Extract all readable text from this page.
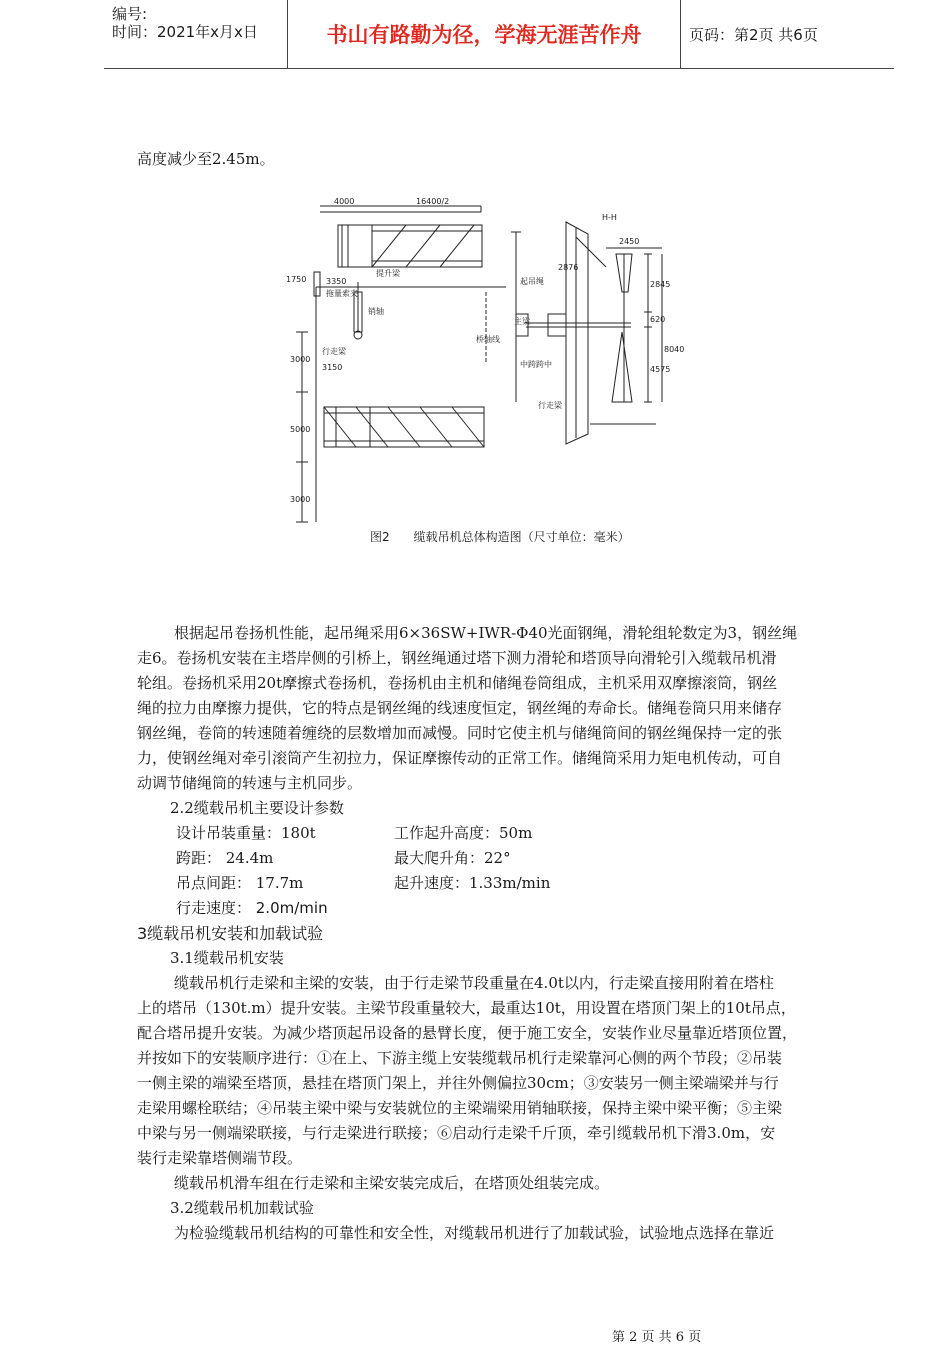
编号:
时间：2021年x月x日	书山有路勤为径，学海无涯苦作舟	页码：第2页 共6页
高度减少至2.45m。
4000	16400/2
1750 3350
3000
3150
5000
3000
2450
2876
2845
620
8040
4575
H-H
起吊绳
主梁
中跨跨中
行走梁
提升梁
拖量索夹
销轴
行走梁
桥轴线
图2 缆载吊机总体构造图（尺寸单位：毫米）
根据起吊卷扬机性能，起吊绳采用6×36SW+IWR-Φ40光面钢绳，滑轮组轮数定为3，钢丝绳
走6。卷扬机安装在主塔岸侧的引桥上，钢丝绳通过塔下测力滑轮和塔顶导向滑轮引入缆载吊机滑
轮组。卷扬机采用20t摩擦式卷扬机，卷扬机由主机和储绳卷筒组成，主机采用双摩擦滚筒，钢丝
绳的拉力由摩擦力提供，它的特点是钢丝绳的线速度恒定，钢丝绳的寿命长。储绳卷筒只用来储存
钢丝绳，卷筒的转速随着缠绕的层数增加而减慢。同时它使主机与储绳筒间的钢丝绳保持一定的张
力，使钢丝绳对牵引滚筒产生初拉力，保证摩擦传动的正常工作。储绳筒采用力矩电机传动，可自
动调节储绳筒的转速与主机同步。
2.2缆载吊机主要设计参数
设计吊装重量：180t	工作起升高度：50m
跨距： 24.4m	最大爬升角：22°
吊点间距： 17.7m	起升速度：1.33m/min
行走速度： 2.0m/min
3缆载吊机安装和加载试验
3.1缆载吊机安装
缆载吊机行走梁和主梁的安装，由于行走梁节段重量在4.0t以内，行走梁直接用附着在塔柱
上的塔吊（130t.m）提升安装。主梁节段重量较大，最重达10t，用设置在塔顶门架上的10t吊点，
配合塔吊提升安装。为减少塔顶起吊设备的悬臂长度，便于施工安全，安装作业尽量靠近塔顶位置，
并按如下的安装顺序进行：①在上、下游主缆上安装缆载吊机行走梁靠河心侧的两个节段；②吊装
一侧主梁的端梁至塔顶，悬挂在塔顶门架上，并往外侧偏拉30cm；③安装另一侧主梁端梁并与行
走梁用螺栓联结；④吊装主梁中梁与安装就位的主梁端梁用销轴联接，保持主梁中梁平衡；⑤主梁
中梁与另一侧端梁联接，与行走梁进行联接；⑥启动行走梁千斤顶，牵引缆载吊机下滑3.0m，安
装行走梁靠塔侧端节段。
缆载吊机滑车组在行走梁和主梁安装完成后，在塔顶处组装完成。
3.2缆载吊机加载试验
为检验缆载吊机结构的可靠性和安全性，对缆载吊机进行了加载试验，试验地点选择在靠近
第 2 页 共 6 页
